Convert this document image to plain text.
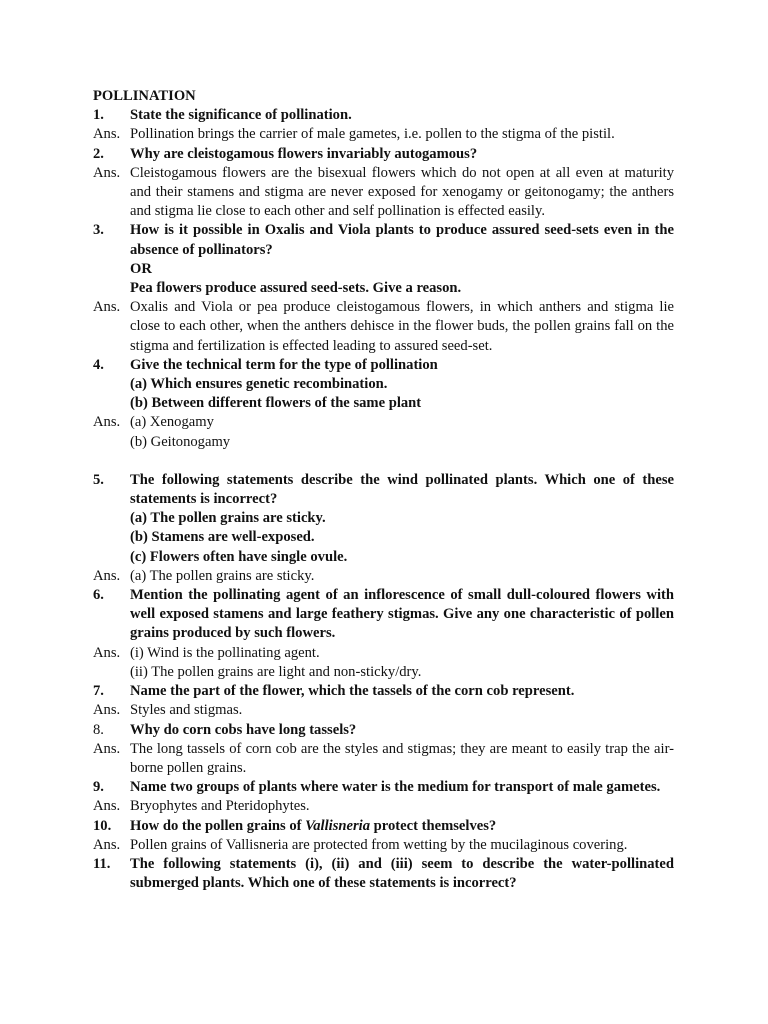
POLLINATION
1.	State the significance of pollination.
Ans. Pollination brings the carrier of male gametes, i.e. pollen to the stigma of the pistil.
2.	Why are cleistogamous flowers invariably autogamous?
Ans. Cleistogamous flowers are the bisexual flowers which do not open at all even at maturity and their stamens and stigma are never exposed for xenogamy or geitonogamy; the anthers and stigma lie close to each other and self pollination is effected easily.
3.	How is it possible in Oxalis and Viola plants to produce assured seed-sets even in the absence of pollinators?
OR
Pea flowers produce assured seed-sets. Give a reason.
Ans. Oxalis and Viola or pea produce cleistogamous flowers, in which anthers and stigma lie close to each other, when the anthers dehisce in the flower buds, the pollen grains fall on the stigma and fertilization is effected leading to assured seed-set.
4.	Give the technical term for the type of pollination
(a) Which ensures genetic recombination.
(b) Between different flowers of the same plant
Ans. (a) Xenogamy
(b) Geitonogamy
5.	The following statements describe the wind pollinated plants. Which one of these statements is incorrect?
(a) The pollen grains are sticky.
(b) Stamens are well-exposed.
(c) Flowers often have single ovule.
Ans. (a) The pollen grains are sticky.
6.	Mention the pollinating agent of an inflorescence of small dull-coloured flowers with well exposed stamens and large feathery stigmas. Give any one characteristic of pollen grains produced by such flowers.
Ans. (i) Wind is the pollinating agent.
(ii) The pollen grains are light and non-sticky/dry.
7.	Name the part of the flower, which the tassels of the corn cob represent.
Ans. Styles and stigmas.
8.	Why do corn cobs have long tassels?
Ans. The long tassels of corn cob are the styles and stigmas; they are meant to easily trap the air-borne pollen grains.
9.	Name two groups of plants where water is the medium for transport of male gametes.
Ans. Bryophytes and Pteridophytes.
10.	How do the pollen grains of Vallisneria protect themselves?
Ans. Pollen grains of Vallisneria are protected from wetting by the mucilaginous covering.
11.	The following statements (i), (ii) and (iii) seem to describe the water-pollinated submerged plants. Which one of these statements is incorrect?
